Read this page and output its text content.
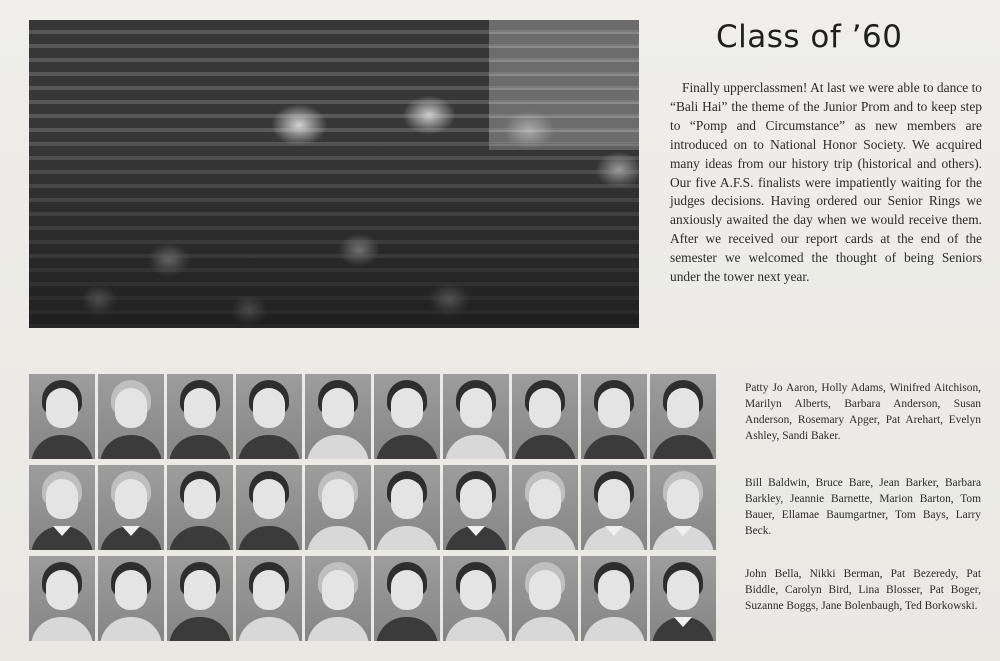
Class of ’60

Finally upperclassmen! At last we were able to dance to “Bali Hai” the theme of the Junior Prom and to keep step to “Pomp and Circumstance” as new members are introduced on to National Honor Society. We acquired many ideas from our history trip (historical and others). Our five A.F.S. finalists were impatiently waiting for the judges decisions. Having ordered our Senior Rings we anxiously awaited the day when we would receive them. After we received our report cards at the end of the semester we welcomed the thought of being Seniors under the tower next year.

Patty Jo Aaron, Holly Adams, Winifred Aitchison, Marilyn Alberts, Barbara Anderson, Susan Anderson, Rosemary Apger, Pat Arehart, Evelyn Ashley, Sandi Baker.

Bill Baldwin, Bruce Bare, Jean Barker, Barbara Barkley, Jeannie Barnette, Marion Barton, Tom Bauer, Ellamae Baumgartner, Tom Bays, Larry Beck.

John Bella, Nikki Berman, Pat Bezeredy, Pat Biddle, Carolyn Bird, Lina Blosser, Pat Boger, Suzanne Boggs, Jane Bolenbaugh, Ted Borkowski.
